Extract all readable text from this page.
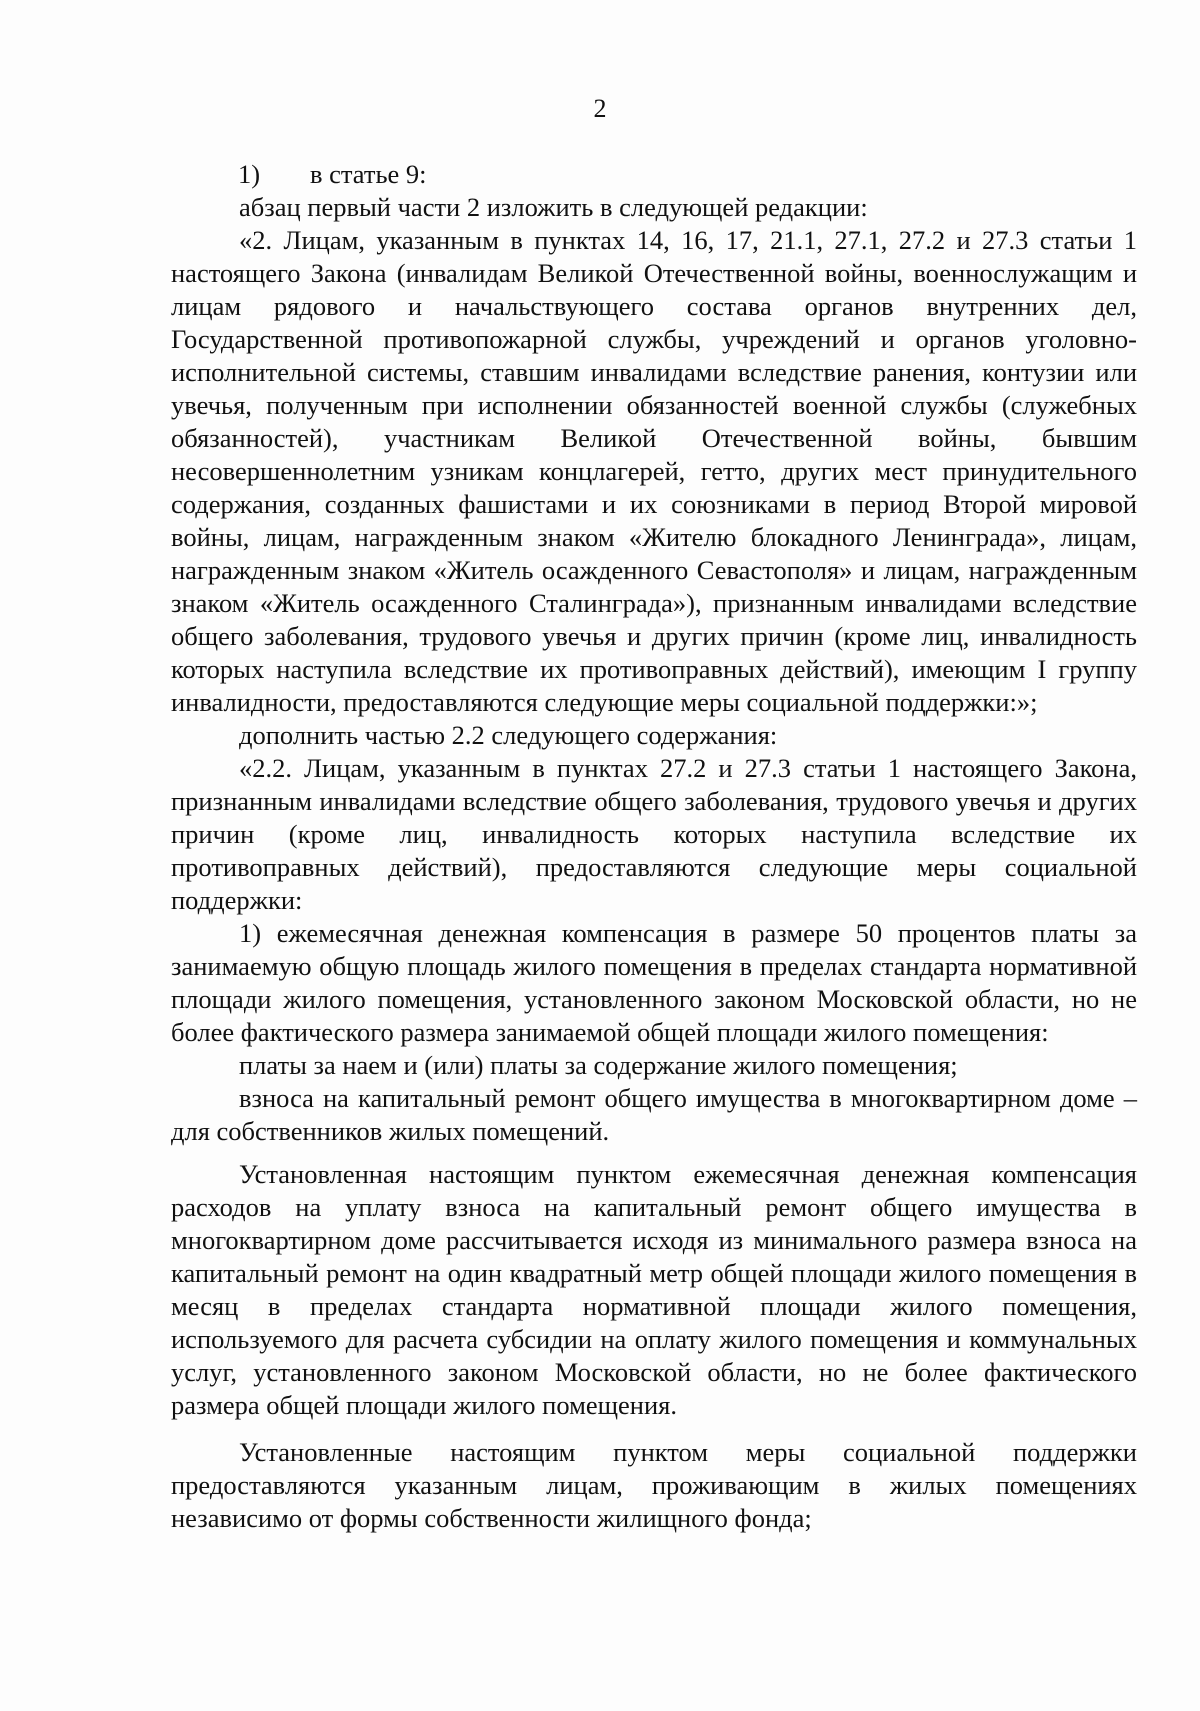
2
1) в статье 9:

абзац первый части 2 изложить в следующей редакции:

«2. Лицам, указанным в пунктах 14, 16, 17, 21.1, 27.1, 27.2 и 27.3 статьи 1 настоящего Закона (инвалидам Великой Отечественной войны, военнослужащим и лицам рядового и начальствующего состава органов внутренних дел, Государственной противопожарной службы, учреждений и органов уголовно-исполнительной системы, ставшим инвалидами вследствие ранения, контузии или увечья, полученным при исполнении обязанностей военной службы (служебных обязанностей), участникам Великой Отечественной войны, бывшим несовершеннолетним узникам концлагерей, гетто, других мест принудительного содержания, созданных фашистами и их союзниками в период Второй мировой войны, лицам, награжденным знаком «Жителю блокадного Ленинграда», лицам, награжденным знаком «Житель осажденного Севастополя» и лицам, награжденным знаком «Житель осажденного Сталинграда»), признанным инвалидами вследствие общего заболевания, трудового увечья и других причин (кроме лиц, инвалидность которых наступила вследствие их противоправных действий), имеющим I группу инвалидности, предоставляются следующие меры социальной поддержки:»;

дополнить частью 2.2 следующего содержания:

«2.2. Лицам, указанным в пунктах 27.2 и 27.3 статьи 1 настоящего Закона, признанным инвалидами вследствие общего заболевания, трудового увечья и других причин (кроме лиц, инвалидность которых наступила вследствие их противоправных действий), предоставляются следующие меры социальной поддержки:

1) ежемесячная денежная компенсация в размере 50 процентов платы за занимаемую общую площадь жилого помещения в пределах стандарта нормативной площади жилого помещения, установленного законом Московской области, но не более фактического размера занимаемой общей площади жилого помещения:

платы за наем и (или) платы за содержание жилого помещения;

взноса на капитальный ремонт общего имущества в многоквартирном доме – для собственников жилых помещений.

Установленная настоящим пунктом ежемесячная денежная компенсация расходов на уплату взноса на капитальный ремонт общего имущества в многоквартирном доме рассчитывается исходя из минимального размера взноса на капитальный ремонт на один квадратный метр общей площади жилого помещения в месяц в пределах стандарта нормативной площади жилого помещения, используемого для расчета субсидии на оплату жилого помещения и коммунальных услуг, установленного законом Московской области, но не более фактического размера общей площади жилого помещения.

Установленные настоящим пунктом меры социальной поддержки предоставляются указанным лицам, проживающим в жилых помещениях независимо от формы собственности жилищного фонда;
